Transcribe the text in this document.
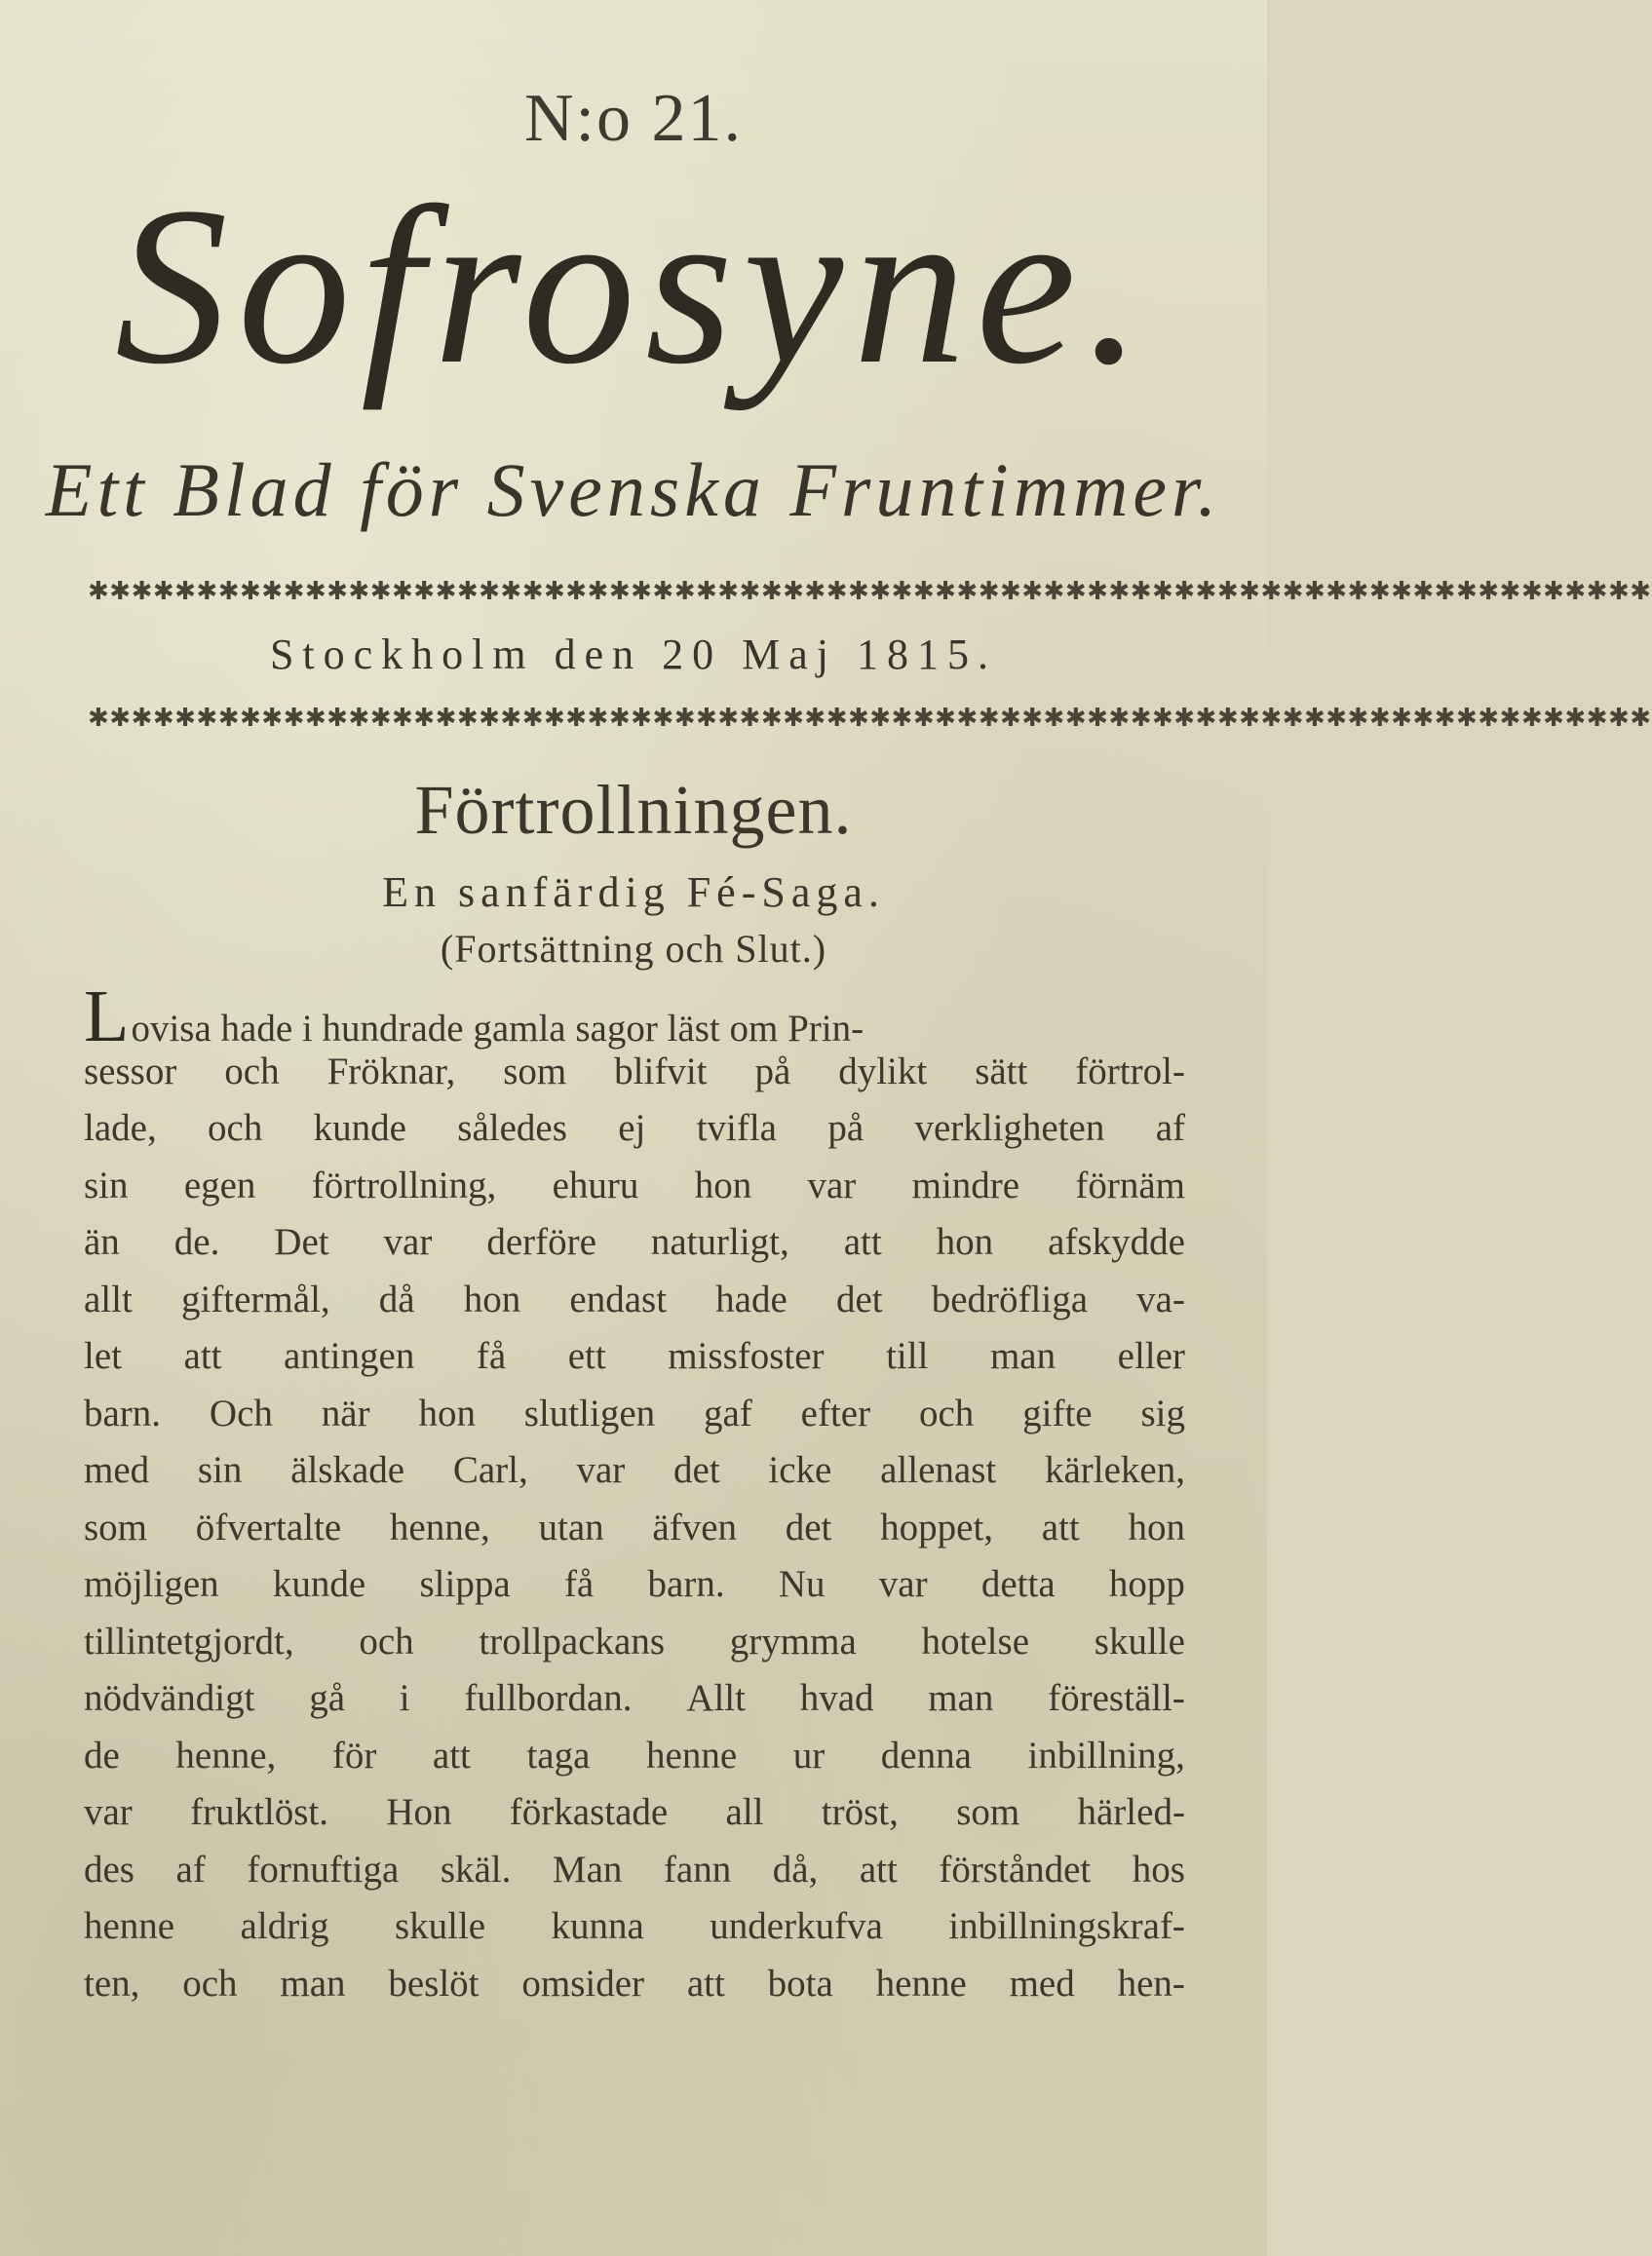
N:o 21.
Sofrosyne.
Ett Blad för Svenska Fruntimmer.
✱✱✱✱✱✱✱✱✱✱✱✱✱✱✱✱✱✱✱✱✱✱✱✱✱✱✱✱✱✱✱✱✱✱✱✱✱✱✱✱✱✱✱✱✱✱✱✱✱✱✱✱✱✱✱✱✱✱✱✱✱✱✱✱✱✱✱✱✱✱✱✱
Stockholm den 20 Maj 1815.
✱✱✱✱✱✱✱✱✱✱✱✱✱✱✱✱✱✱✱✱✱✱✱✱✱✱✱✱✱✱✱✱✱✱✱✱✱✱✱✱✱✱✱✱✱✱✱✱✱✱✱✱✱✱✱✱✱✱✱✱✱✱✱✱✱✱✱✱✱✱✱✱
Förtrollningen.
En sanfärdig Fé-Saga.
(Fortsättning och Slut.)
Lovisa hade i hundrade gamla sagor läst om Prin-
sessor och Fröknar, som blifvit på dylikt sätt förtrol-
lade, och kunde således ej tvifla på verkligheten af
sin egen förtrollning, ehuru hon var mindre förnäm
än de. Det var derföre naturligt, att hon afskydde
allt giftermål, då hon endast hade det bedröfliga va-
let att antingen få ett missfoster till man eller
barn. Och när hon slutligen gaf efter och gifte sig
med sin älskade Carl, var det icke allenast kärleken,
som öfvertalte henne, utan äfven det hoppet, att hon
möjligen kunde slippa få barn. Nu var detta hopp
tillintetgjordt, och trollpackans grymma hotelse skulle
nödvändigt gå i fullbordan. Allt hvad man föreställ-
de henne, för att taga henne ur denna inbillning,
var fruktlöst. Hon förkastade all tröst, som härled-
des af fornuftiga skäl. Man fann då, att förståndet hos
henne aldrig skulle kunna underkufva inbillningskraf-
ten, och man beslöt omsider att bota henne med hen-
